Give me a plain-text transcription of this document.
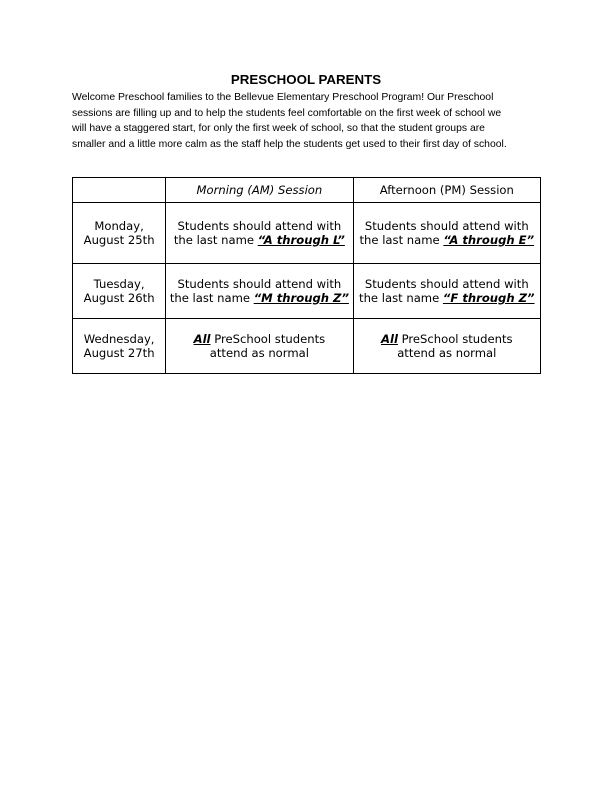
PRESCHOOL PARENTS

Welcome Preschool families to the Bellevue Elementary Preschool Program! Our Preschool

sessions are filling up and to help the students feel comfortable on the first week of school we

will have a staggered start, for only the first week of school, so that the student groups are

smaller and a little more calm as the staff help the students get used to their first day of school.

	Morning (AM) Session	Afternoon (PM) Session

Monday,
August 25th	Students should attend with
the last name “A through L”	Students should attend with
the last name “A through E”

Tuesday,
August 26th	Students should attend with
the last name “M through Z”	Students should attend with
the last name “F through Z”

Wednesday,
August 27th	All PreSchool students
attend as normal	All PreSchool students
attend as normal
